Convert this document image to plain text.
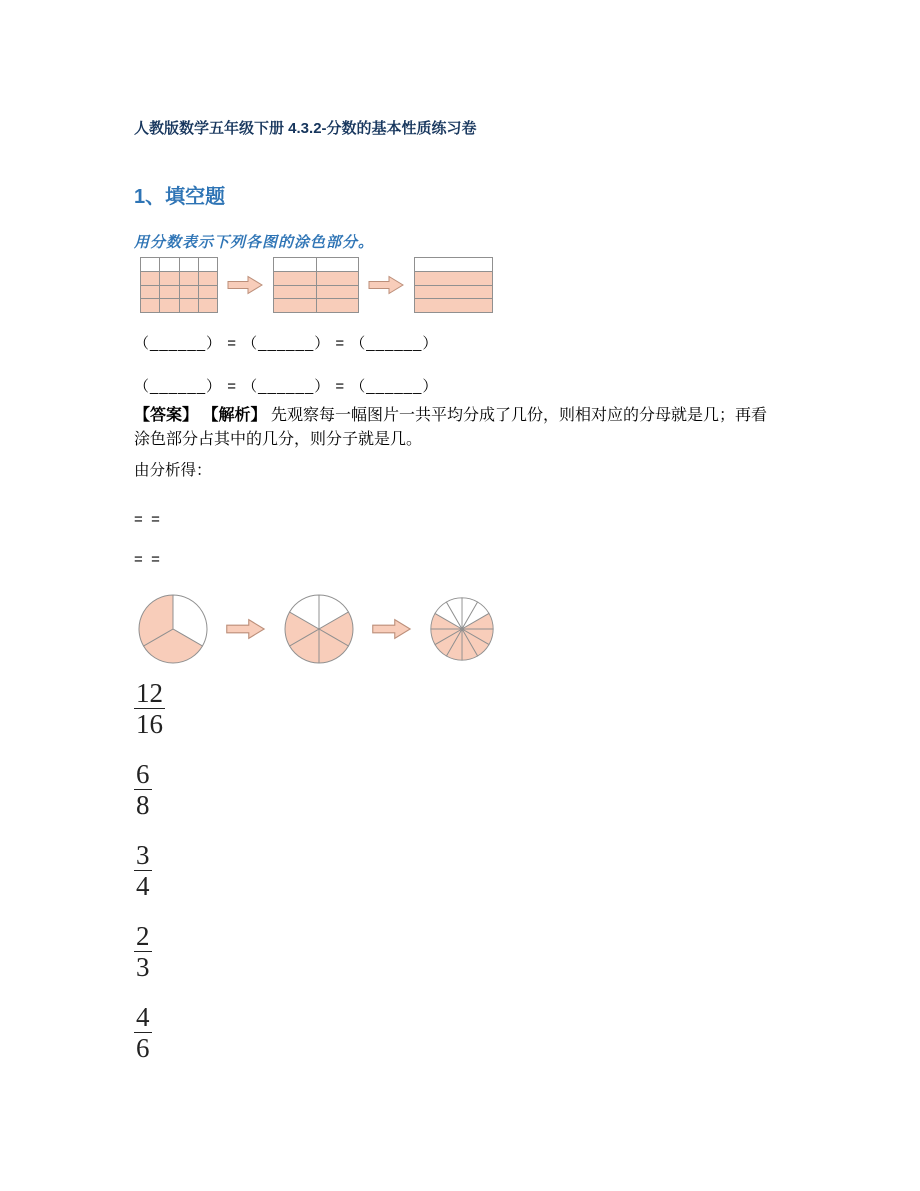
人教版数学五年级下册 4.3.2-分数的基本性质练习卷
1、填空题

用分数表示下列各图的涂色部分。

（______） = （______） = （______）

（______） = （______） = （______）

【答案】 【解析】 先观察每一幅图片一共平均分成了几份，则相对应的分母就是几；再看涂色部分占其中的几分，则分子就是几。

由分析得：

=  =

=  =

$\frac{12}{16}$
$\frac{6}{8}$
$\frac{3}{4}$
$\frac{2}{3}$
$\frac{4}{6}$
